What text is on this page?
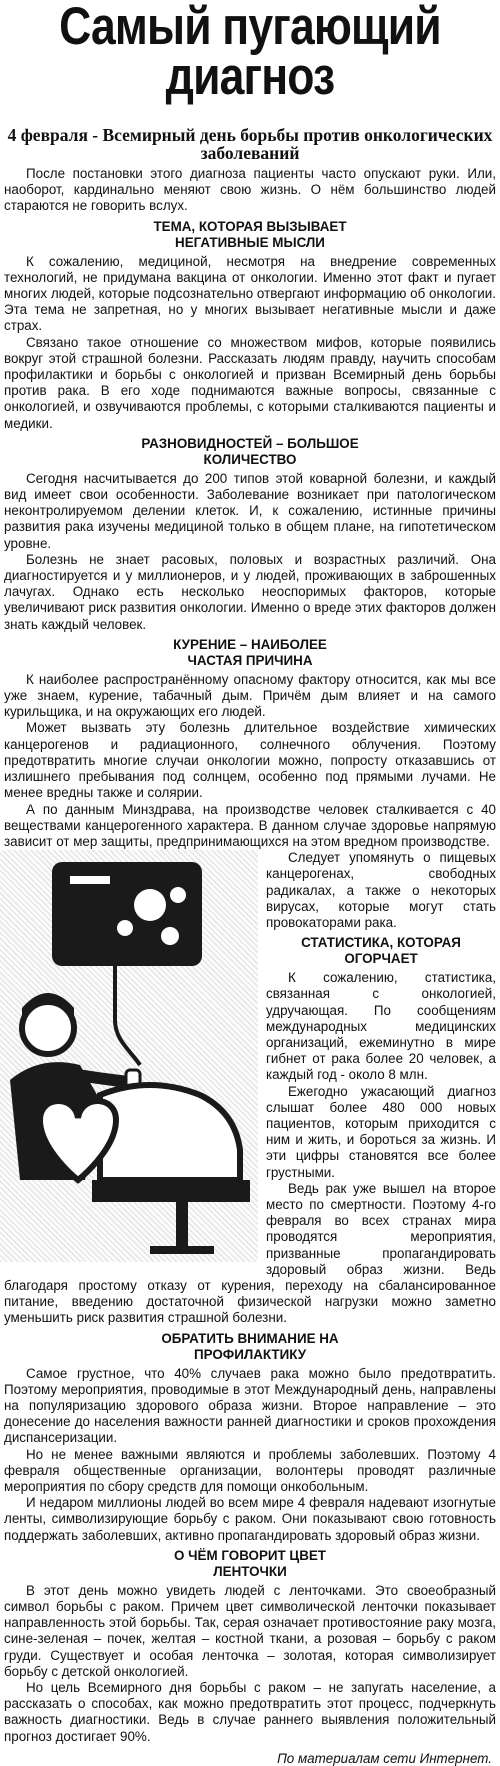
Самый пугающий
диагноз
4 февраля - Всемирный день борьбы против онкологических заболеваний

После постановки этого диагноза пациенты часто опускают руки. Или, наоборот, кардинально меняют свою жизнь. О нём большинство людей стараются не говорить вслух.

ТЕМА, КОТОРАЯ ВЫЗЫВАЕТ
НЕГАТИВНЫЕ МЫСЛИ

К сожалению, медициной, несмотря на внедрение современных технологий, не придумана вакцина от онкологии. Именно этот факт и пугает многих людей, которые подсознательно отвергают информацию об онкологии. Эта тема не запретная, но у многих вызывает негативные мысли и даже страх.

Связано такое отношение со множеством мифов, которые появились вокруг этой страшной болезни. Рассказать людям правду, научить способам профилактики и борьбы с онкологией и призван Всемирный день борьбы против рака. В его ходе поднимаются важные вопросы, связанные с онкологией, и озвучиваются проблемы, с которыми сталкиваются пациенты и медики.

РАЗНОВИДНОСТЕЙ – БОЛЬШОЕ
КОЛИЧЕСТВО

Сегодня насчитывается до 200 типов этой коварной болезни, и каждый вид имеет свои особенности. Заболевание возникает при патологическом неконтролируемом делении клеток. И, к сожалению, истинные причины развития рака изучены медициной только в общем плане, на гипотетическом уровне.

Болезнь не знает расовых, половых и возрастных различий. Она диагностируется и у миллионеров, и у людей, проживающих в заброшенных лачугах. Однако есть несколько неоспоримых факторов, которые увеличивают риск развития онкологии. Именно о вреде этих факторов должен знать каждый человек.

КУРЕНИЕ – НАИБОЛЕЕ
ЧАСТАЯ ПРИЧИНА

К наиболее распространённому опасному фактору относится, как мы все уже знаем, курение, табачный дым. Причём дым влияет и на самого курильщика, и на окружающих его людей.

Может вызвать эту болезнь длительное воздействие химических канцерогенов и радиационного, солнечного облучения. Поэтому предотвратить многие случаи онкологии можно, попросту отказавшись от излишнего пребывания под солнцем, особенно под прямыми лучами. Не менее вредны также и солярии.

А по данным Минздрава, на производстве человек сталкивается с 40 веществами канцерогенного характера. В данном случае здоровье напрямую зависит от мер защиты, предпринимающихся на этом вредном производстве.

Следует упомянуть о пищевых канцерогенах, свободных радикалах, а также о некоторых вирусах, которые могут стать провокаторами рака.

СТАТИСТИКА, КОТОРАЯ
ОГОРЧАЕТ

К сожалению, статистика, связанная с онкологией, удручающая. По сообщениям международных медицинских организаций, ежеминутно в мире гибнет от рака более 20 человек, а каждый год - около 8 млн.

Ежегодно ужасающий диагноз слышат более 480 000 новых пациентов, которым приходится с ним и жить, и бороться за жизнь. И эти цифры становятся все более грустными.

Ведь рак уже вышел на второе место по смертности. Поэтому 4-го февраля во всех странах мира проводятся мероприятия, призванные пропагандировать здоровый образ жизни. Ведь благодаря простому отказу от курения, переходу на сбалансированное питание, введению достаточной физической нагрузки можно заметно уменьшить риск развития страшной болезни.

ОБРАТИТЬ ВНИМАНИЕ НА
ПРОФИЛАКТИКУ

Самое грустное, что 40% случаев рака можно было предотвратить. Поэтому мероприятия, проводимые в этот Международный день, направлены на популяризацию здорового образа жизни. Второе направление – это донесение до населения важности ранней диагностики и сроков прохождения диспансеризации.

Но не менее важными являются и проблемы заболевших. Поэтому 4 февраля общественные организации, волонтеры проводят различные мероприятия по сбору средств для помощи онкобольным.

И недаром миллионы людей во всем мире 4 февраля надевают изогнутые ленты, символизирующие борьбу с раком. Они показывают свою готовность поддержать заболевших, активно пропагандировать здоровый образ жизни.

О ЧЁМ ГОВОРИТ ЦВЕТ
ЛЕНТОЧКИ

В этот день можно увидеть людей с ленточками. Это своеобразный символ борьбы с раком. Причем цвет символической ленточки показывает направленность этой борьбы. Так, серая означает противостояние раку мозга, сине-зеленая – почек, желтая – костной ткани, а розовая – борьбу с раком груди. Существует и особая ленточка – золотая, которая символизирует борьбу с детской онкологией.

Но цель Всемирного дня борьбы с раком – не запугать население, а рассказать о способах, как можно предотвратить этот процесс, подчеркнуть важность диагностики. Ведь в случае раннего выявления положительный прогноз достигает 90%.

По материалам сети Интернет.
